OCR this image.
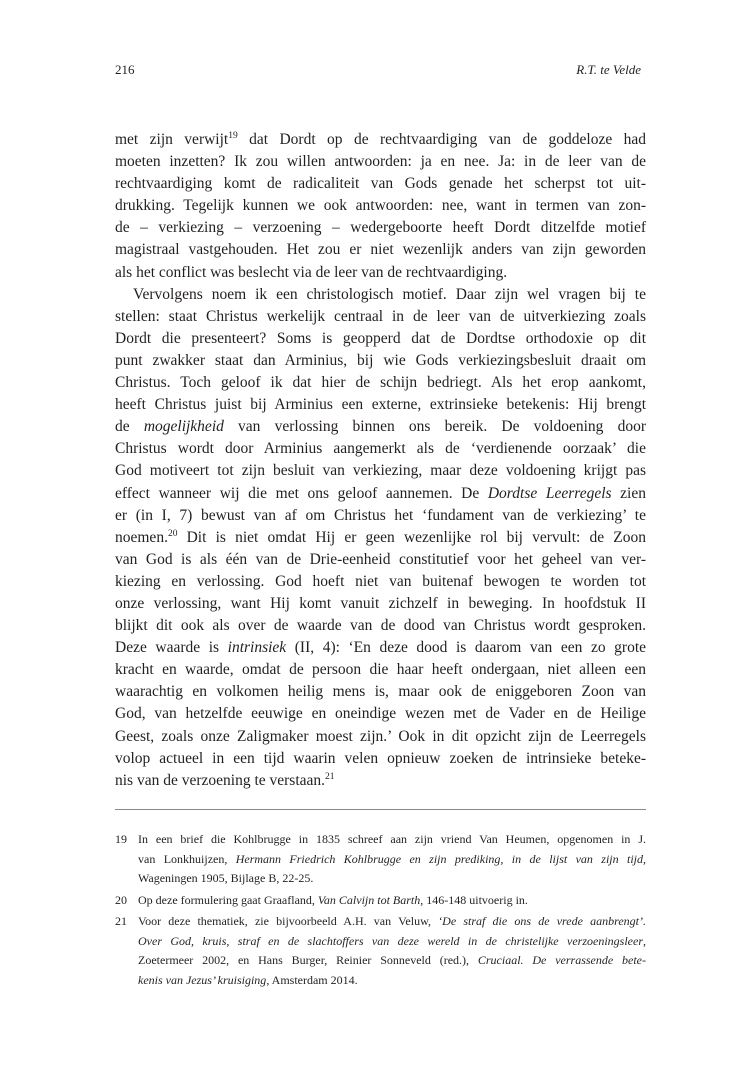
216	R.T. te Velde
met zijn verwijt$^{19}$ dat Dordt op de rechtvaardiging van de goddeloze had
moeten inzetten? Ik zou willen antwoorden: ja en nee. Ja: in de leer van de
rechtvaardiging komt de radicaliteit van Gods genade het scherpst tot uit-
drukking. Tegelijk kunnen we ook antwoorden: nee, want in termen van zon-
de – verkiezing – verzoening – wedergeboorte heeft Dordt ditzelfde motief
magistraal vastgehouden. Het zou er niet wezenlijk anders van zijn geworden
als het conflict was beslecht via de leer van de rechtvaardiging.
Vervolgens noem ik een christologisch motief. Daar zijn wel vragen bij te
stellen: staat Christus werkelijk centraal in de leer van de uitverkiezing zoals
Dordt die presenteert? Soms is geopperd dat de Dordtse orthodoxie op dit
punt zwakker staat dan Arminius, bij wie Gods verkiezingsbesluit draait om
Christus. Toch geloof ik dat hier de schijn bedriegt. Als het erop aankomt,
heeft Christus juist bij Arminius een externe, extrinsieke betekenis: Hij brengt
de mogelijkheid van verlossing binnen ons bereik. De voldoening door
Christus wordt door Arminius aangemerkt als de ‘verdienende oorzaak’ die
God motiveert tot zijn besluit van verkiezing, maar deze voldoening krijgt pas
effect wanneer wij die met ons geloof aannemen. De Dordtse Leerregels zien
er (in I, 7) bewust van af om Christus het ‘fundament van de verkiezing’ te
noemen.$^{20}$ Dit is niet omdat Hij er geen wezenlijke rol bij vervult: de Zoon
van God is als één van de Drie-eenheid constitutief voor het geheel van ver-
kiezing en verlossing. God hoeft niet van buitenaf bewogen te worden tot
onze verlossing, want Hij komt vanuit zichzelf in beweging. In hoofdstuk II
blijkt dit ook als over de waarde van de dood van Christus wordt gesproken.
Deze waarde is intrinsiek (II, 4): ‘En deze dood is daarom van een zo grote
kracht en waarde, omdat de persoon die haar heeft ondergaan, niet alleen een
waarachtig en volkomen heilig mens is, maar ook de eniggeboren Zoon van
God, van hetzelfde eeuwige en oneindige wezen met de Vader en de Heilige
Geest, zoals onze Zaligmaker moest zijn.’ Ook in dit opzicht zijn de Leerregels
volop actueel in een tijd waarin velen opnieuw zoeken de intrinsieke beteke-
nis van de verzoening te verstaan.$^{21}$
19 In een brief die Kohlbrugge in 1835 schreef aan zijn vriend Van Heumen, opgenomen in J.
van Lonkhuijzen, Hermann Friedrich Kohlbrugge en zijn prediking, in de lijst van zijn tijd,
Wageningen 1905, Bijlage B, 22-25.
20 Op deze formulering gaat Graafland, Van Calvijn tot Barth, 146-148 uitvoerig in.
21 Voor deze thematiek, zie bijvoorbeeld A.H. van Veluw, ‘De straf die ons de vrede aanbrengt’.
Over God, kruis, straf en de slachtoffers van deze wereld in de christelijke verzoeningsleer,
Zoetermeer 2002, en Hans Burger, Reinier Sonneveld (red.), Cruciaal. De verrassende bete-
kenis van Jezus’ kruisiging, Amsterdam 2014.
